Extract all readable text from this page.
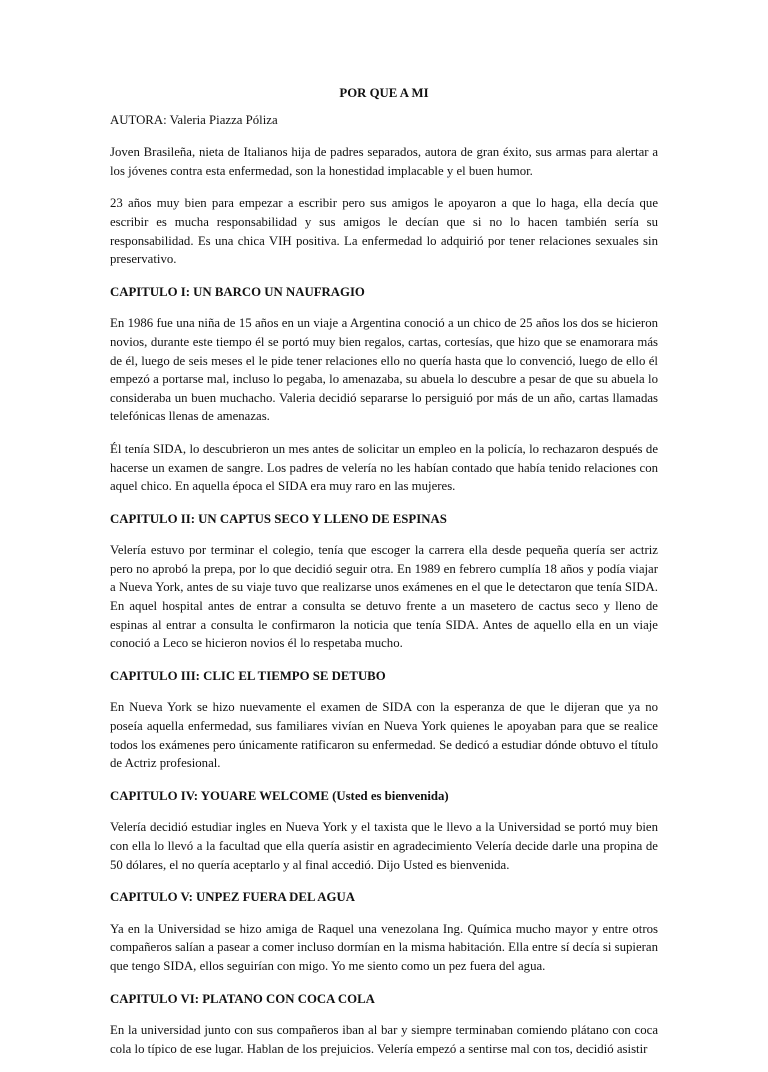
POR QUE A MI
AUTORA: Valeria Piazza Póliza

Joven Brasileña, nieta de Italianos hija de padres separados, autora de gran éxito, sus armas para alertar a los jóvenes contra esta enfermedad, son la honestidad implacable y el buen humor.

23 años muy bien para empezar a escribir pero sus amigos le apoyaron a que lo haga, ella decía que escribir es mucha responsabilidad y sus amigos le decían que si no lo hacen también sería su responsabilidad. Es una chica VIH positiva. La enfermedad lo adquirió por tener relaciones sexuales sin preservativo.

CAPITULO I: UN BARCO UN NAUFRAGIO

En 1986 fue una niña de 15 años en un viaje a Argentina conoció a un chico de 25 años los dos se hicieron novios, durante este tiempo él se portó muy bien regalos, cartas, cortesías, que hizo que se enamorara más de él, luego de seis meses el le pide tener relaciones ello no quería hasta que lo convenció, luego de ello él empezó a portarse mal, incluso lo pegaba, lo amenazaba, su abuela lo descubre a pesar de que su abuela lo consideraba un buen muchacho. Valeria decidió separarse lo persiguió por más de un año, cartas llamadas telefónicas llenas de amenazas.

Él tenía SIDA, lo descubrieron un mes antes de solicitar un empleo en la policía, lo rechazaron después de hacerse un examen de sangre. Los padres de velería no les habían contado que había tenido relaciones con aquel chico. En aquella época el SIDA era muy raro en las mujeres.

CAPITULO II: UN CAPTUS SECO Y LLENO DE ESPINAS

Velería estuvo por terminar el colegio, tenía que escoger la carrera ella desde pequeña quería ser actriz pero no aprobó la prepa, por lo que decidió seguir otra. En 1989 en febrero cumplía 18 años y podía viajar a Nueva York, antes de su viaje tuvo que realizarse unos exámenes en el que le detectaron que tenía SIDA. En aquel hospital antes de entrar a consulta se detuvo frente a un masetero de cactus seco y lleno de espinas al entrar a consulta le confirmaron la noticia que tenía SIDA. Antes de aquello ella en un viaje conoció a Leco se hicieron novios él lo respetaba mucho.

CAPITULO III: CLIC EL TIEMPO SE DETUBO

En Nueva York se hizo nuevamente el examen de SIDA con la esperanza de que le dijeran que ya no poseía aquella enfermedad, sus familiares vivían en Nueva York quienes le apoyaban para que se realice todos los exámenes pero únicamente ratificaron su enfermedad. Se dedicó a estudiar dónde obtuvo el título de Actriz profesional.

CAPITULO IV: YOUARE WELCOME (Usted es bienvenida)

Velería decidió estudiar ingles en Nueva York y el taxista que le llevo a la Universidad se portó muy bien con ella lo llevó a la facultad que ella quería asistir en agradecimiento Velería decide darle una propina de 50 dólares, el no quería aceptarlo y al final accedió. Dijo Usted es bienvenida.

CAPITULO V: UNPEZ FUERA DEL AGUA

Ya en la Universidad se hizo amiga de Raquel una venezolana Ing. Química mucho mayor y entre otros compañeros salían a pasear a comer incluso dormían en la misma habitación. Ella entre sí decía si supieran que tengo SIDA, ellos seguirían con migo. Yo me siento como un pez fuera del agua.

CAPITULO VI: PLATANO CON COCA COLA

En la universidad junto con sus compañeros iban al bar y siempre terminaban comiendo plátano con coca cola lo típico de ese lugar. Hablan de los prejuicios. Velería empezó a sentirse mal con tos, decidió asistir
